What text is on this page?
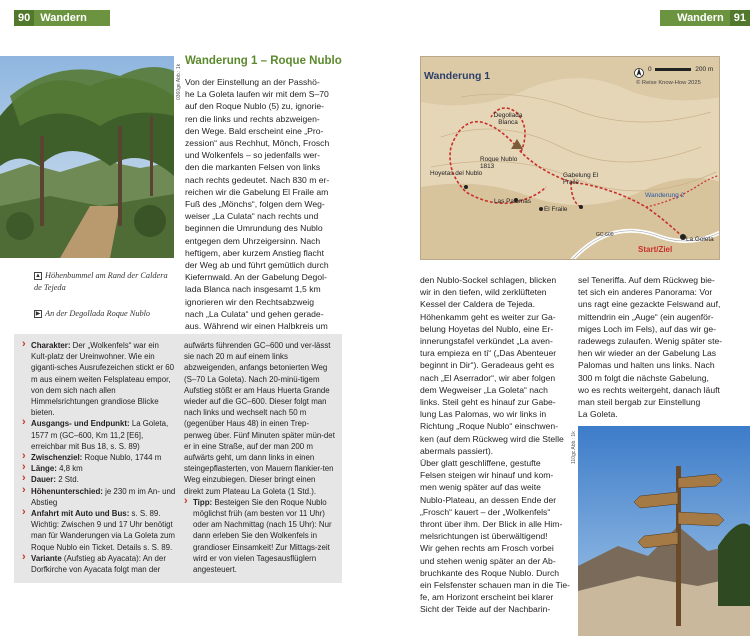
90 Wandern	Wandern 91
0360ge Abb.: 1k
▲ Höhenbummel am Rand der Caldera de Tejeda
▶ An der Degollada Roque Nublo
Wanderung 1 – Roque Nublo
Von der Einstellung an der Passhö-
he La Goleta laufen wir mit dem S–70
auf den Roque Nublo (5) zu, ignorie-
ren die links und rechts abzweigen-
den Wege. Bald erscheint eine „Pro-
zession“ aus Rechhut, Mönch, Frosch
und Wolkenfels – so jedenfalls wer-
den die markanten Felsen von links
nach rechts gedeutet. Nach 830 m er-
reichen wir die Gabelung El Fraile am
Fuß des „Mönchs“, folgen dem Weg-
weiser „La Culata“ nach rechts und
beginnen die Umrundung des Nublo
entgegen dem Uhrzeigersinn. Nach
heftigem, aber kurzem Anstieg flacht
der Weg ab und führt gemütlich durch
Kiefernwald. An der Gabelung Degol-
lada Blanca nach insgesamt 1,5 km
ignorieren wir den Rechtsabzweig
nach „La Culata“ und gehen gerade-
aus. Während wir einen Halbkreis um
› Charakter: Der „Wolkenfels“ war ein Kult-platz der Ureinwohner. Wie ein giganti-sches Ausrufezeichen stickt er 60 m aus einem weiten Felsplateau empor, von dem sich nach allen Himmelsrichtungen grandiose Blicke bieten.
› Ausgangs- und Endpunkt: La Goleta, 1577 m (GC–600, Km 11,2 [E6], erreichbar mit Bus 18, s. S. 89)
› Zwischenziel: Roque Nublo, 1744 m
› Länge: 4,8 km
› Dauer: 2 Std.
› Höhenunterschied: je 230 m im An- und Abstieg
› Anfahrt mit Auto und Bus: s. S. 89. Wichtig: Zwischen 9 und 17 Uhr benötigt man für Wanderungen via La Goleta zum Roque Nublo ein Ticket. Details s. S. 89.
› Variante (Aufstieg ab Ayacata): An der Dorfkirche von Ayacata folgt man der
aufwärts führenden GC–600 und ver-lässt sie nach 20 m auf einem links abzweigenden, anfangs betonierten Weg (S–70 La Goleta). Nach 20-minü-tigem Aufstieg stößt er am Haus Huerta Grande wieder auf die GC–600. Dieser folgt man nach links und wechselt nach 50 m (gegenüber Haus 48) in einen Trep-penweg über. Fünf Minuten später mün-det er in eine Straße, auf der man 200 m aufwärts geht, um dann links in einen steingepflasterten, von Mauern flankier-ten Weg einzubiegen. Dieser bringt einen direkt zum Plateau La Goleta (1 Std.).
› Tipp: Besteigen Sie den Roque Nublo möglichst früh (am besten vor 11 Uhr) oder am Nachmittag (nach 15 Uhr): Nur dann erleben Sie den Wolkenfels in grandioser Einsamkeit! Zur Mittags-zeit wird er von vielen Tagesausflüglern angesteuert.
Wanderung 1
0	200 m
© Reise Know-How 2025
Degollada Blanca
Roque Nublo 1813
Hoyetas del Nublo	Gabelung El Fraile
Las Palomas
El Fraile
Wanderung 2
La Goleta
Start/Ziel
GC-600
den Nublo-Sockel schlagen, blicken
wir in den tiefen, wild zerklüfteten
Kessel der Caldera de Tejeda.
Höhenkamm geht es weiter zur Ga-
belung Hoyetas del Nublo, eine Er-
innerungstafel verkündet „La aven-
tura empieza en ti“ („Das Abenteuer
beginnt in Dir“). Geradeaus geht es
nach „El Aserrador“, wir aber folgen
dem Wegweiser „La Goleta“ nach
links. Steil geht es hinauf zur Gabe-
lung Las Palomas, wo wir links in
Richtung „Roque Nublo“ einschwen-
ken (auf dem Rückweg wird die Stelle
abermals passiert).
Über glatt geschliffene, gestufte
Felsen steigen wir hinauf und kom-
men wenig später auf das weite
Nublo-Plateau, an dessen Ende der
„Frosch“ kauert – der „Wolkenfels“
thront über ihm. Der Blick in alle Him-
melsrichtungen ist überwältigend!
Wir gehen rechts am Frosch vorbei
und stehen wenig später an der Ab-
bruchkante des Roque Nublo. Durch
ein Felsfenster schauen man in die Tie-
fe, am Horizont erscheint bei klarer
Sicht der Teide auf der Nachbarin-
sel Teneriffa. Auf dem Rückweg bie-
tet sich ein anderes Panorama: Vor
uns ragt eine gezackte Felswand auf,
mittendrin ein „Auge“ (ein augenför-
miges Loch im Fels), auf das wir ge-
radewegs zulaufen. Wenig später ste-
hen wir wieder an der Gabelung Las
Palomas und halten uns links. Nach
300 m folgt die nächste Gabelung,
wo es rechts weitergeht, danach läuft
man steil bergab zur Einstellung
La Goleta.
110gc Abb.: 1k
